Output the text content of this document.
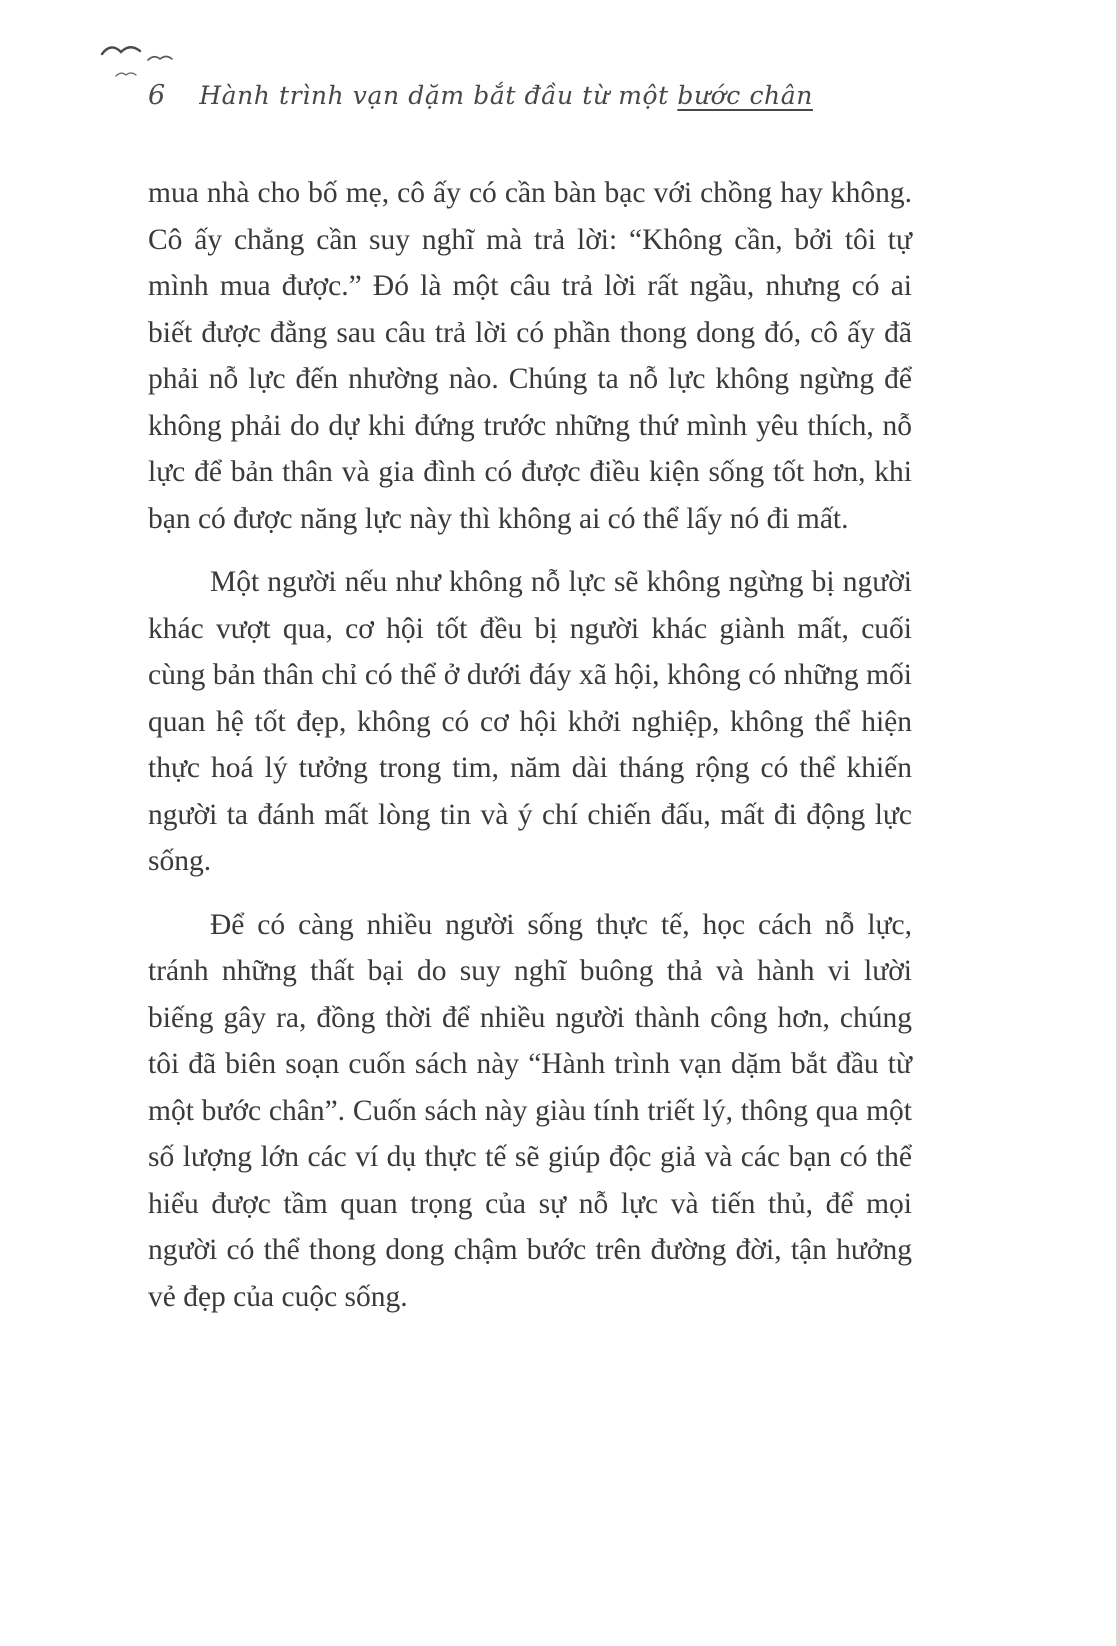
6 Hành trình vạn dặm bắt đầu từ một bước chân

mua nhà cho bố mẹ, cô ấy có cần bàn bạc với chồng hay không. Cô ấy chẳng cần suy nghĩ mà trả lời: “Không cần, bởi tôi tự mình mua được.” Đó là một câu trả lời rất ngầu, nhưng có ai biết được đằng sau câu trả lời có phần thong dong đó, cô ấy đã phải nỗ lực đến nhường nào. Chúng ta nỗ lực không ngừng để không phải do dự khi đứng trước những thứ mình yêu thích, nỗ lực để bản thân và gia đình có được điều kiện sống tốt hơn, khi bạn có được năng lực này thì không ai có thể lấy nó đi mất.

Một người nếu như không nỗ lực sẽ không ngừng bị người khác vượt qua, cơ hội tốt đều bị người khác giành mất, cuối cùng bản thân chỉ có thể ở dưới đáy xã hội, không có những mối quan hệ tốt đẹp, không có cơ hội khởi nghiệp, không thể hiện thực hoá lý tưởng trong tim, năm dài tháng rộng có thể khiến người ta đánh mất lòng tin và ý chí chiến đấu, mất đi động lực sống.

Để có càng nhiều người sống thực tế, học cách nỗ lực, tránh những thất bại do suy nghĩ buông thả và hành vi lười biếng gây ra, đồng thời để nhiều người thành công hơn, chúng tôi đã biên soạn cuốn sách này “Hành trình vạn dặm bắt đầu từ một bước chân”. Cuốn sách này giàu tính triết lý, thông qua một số lượng lớn các ví dụ thực tế sẽ giúp độc giả và các bạn có thể hiểu được tầm quan trọng của sự nỗ lực và tiến thủ, để mọi người có thể thong dong chậm bước trên đường đời, tận hưởng vẻ đẹp của cuộc sống.
